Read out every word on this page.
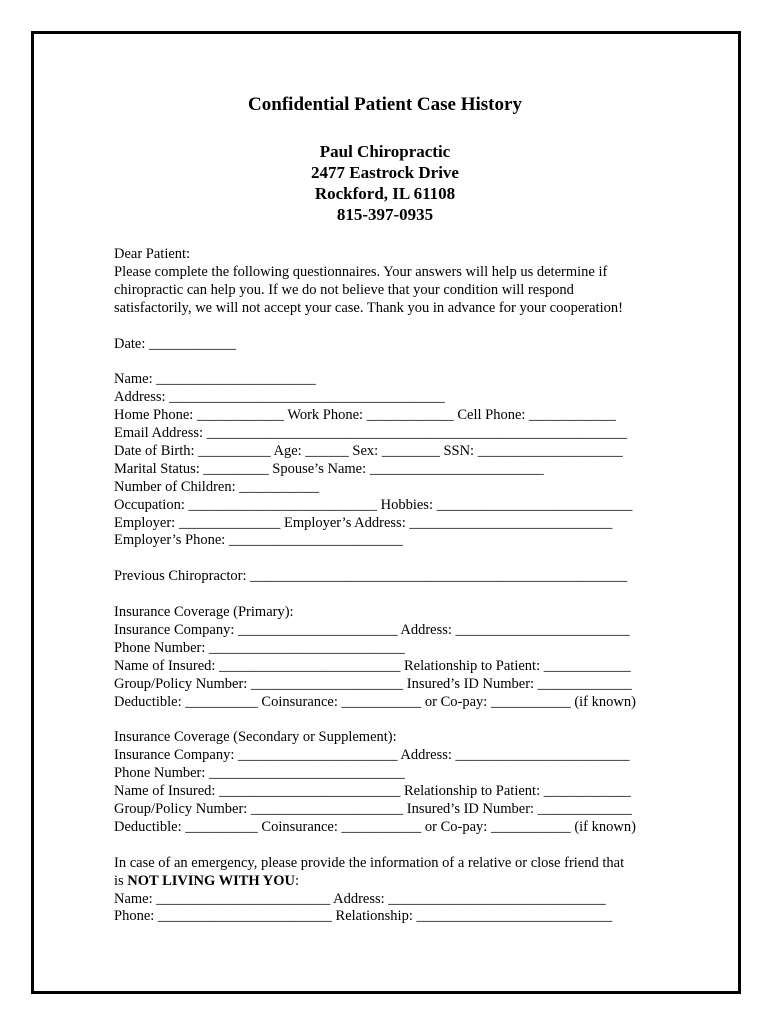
Confidential Patient Case History
Paul Chiropractic
2477 Eastrock Drive
Rockford, IL 61108
815-397-0935
Dear Patient:
Please complete the following questionnaires. Your answers will help us determine if
chiropractic can help you. If we do not believe that your condition will respond
satisfactorily, we will not accept your case. Thank you in advance for your cooperation!
Date: ____________
Name: ______________________
Address: ______________________________________
Home Phone: ____________ Work Phone: ____________ Cell Phone: ____________
Email Address: __________________________________________________________
Date of Birth: __________ Age: ______ Sex: ________ SSN: ____________________
Marital Status: _________ Spouse’s Name: ________________________
Number of Children: ___________
Occupation: __________________________ Hobbies: ___________________________
Employer: ______________ Employer’s Address: ____________________________
Employer’s Phone: ________________________
Previous Chiropractor: ____________________________________________________
Insurance Coverage (Primary):
Insurance Company: ______________________ Address: ________________________
Phone Number: ___________________________
Name of Insured: _________________________ Relationship to Patient: ____________
Group/Policy Number: _____________________ Insured’s ID Number: _____________
Deductible: __________ Coinsurance: ___________ or Co-pay: ___________ (if known)
Insurance Coverage (Secondary or Supplement):
Insurance Company: ______________________ Address: ________________________
Phone Number: ___________________________
Name of Insured: _________________________ Relationship to Patient: ____________
Group/Policy Number: _____________________ Insured’s ID Number: _____________
Deductible: __________ Coinsurance: ___________ or Co-pay: ___________ (if known)
In case of an emergency, please provide the information of a relative or close friend that
is NOT LIVING WITH YOU:
Name: ________________________ Address: ______________________________
Phone: ________________________ Relationship: ___________________________
